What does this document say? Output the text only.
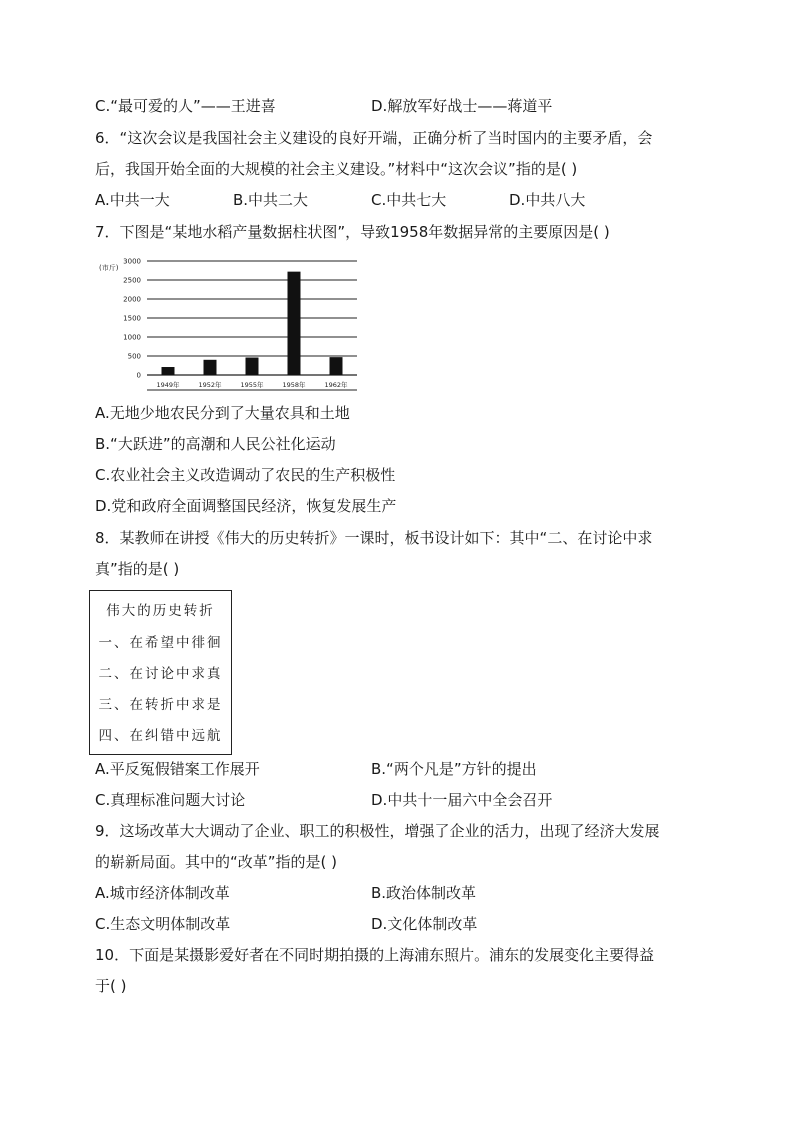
C.“最可爱的人”——王进喜	D.解放军好战士——蒋道平
6．“这次会议是我国社会主义建设的良好开端，正确分析了当时国内的主要矛盾，会
后，我国开始全面的大规模的社会主义建设。”材料中“这次会议”指的是( )
A.中共一大	B.中共二大	C.中共七大	D.中共八大
7．下图是“某地水稻产量数据柱状图”，导致1958年数据异常的主要原因是( )
(市斤)
3000
2500
2000
1500
1000
500
0
1949年	1952年	1955年	1958年	1962年
A.无地少地农民分到了大量农具和土地
B.“大跃进”的高潮和人民公社化运动
C.农业社会主义改造调动了农民的生产积极性
D.党和政府全面调整国民经济，恢复发展生产
8．某教师在讲授《伟大的历史转折》一课时，板书设计如下：其中“二、在讨论中求
真”指的是( )
伟大的历史转折
一、在希望中徘徊
二、在讨论中求真
三、在转折中求是
四、在纠错中远航
A.平反冤假错案工作展开	B.“两个凡是”方针的提出
C.真理标准问题大讨论	D.中共十一届六中全会召开
9．这场改革大大调动了企业、职工的积极性，增强了企业的活力，出现了经济大发展
的崭新局面。其中的“改革”指的是( )
A.城市经济体制改革	B.政治体制改革
C.生态文明体制改革	D.文化体制改革
10．下面是某摄影爱好者在不同时期拍摄的上海浦东照片。浦东的发展变化主要得益
于( )
